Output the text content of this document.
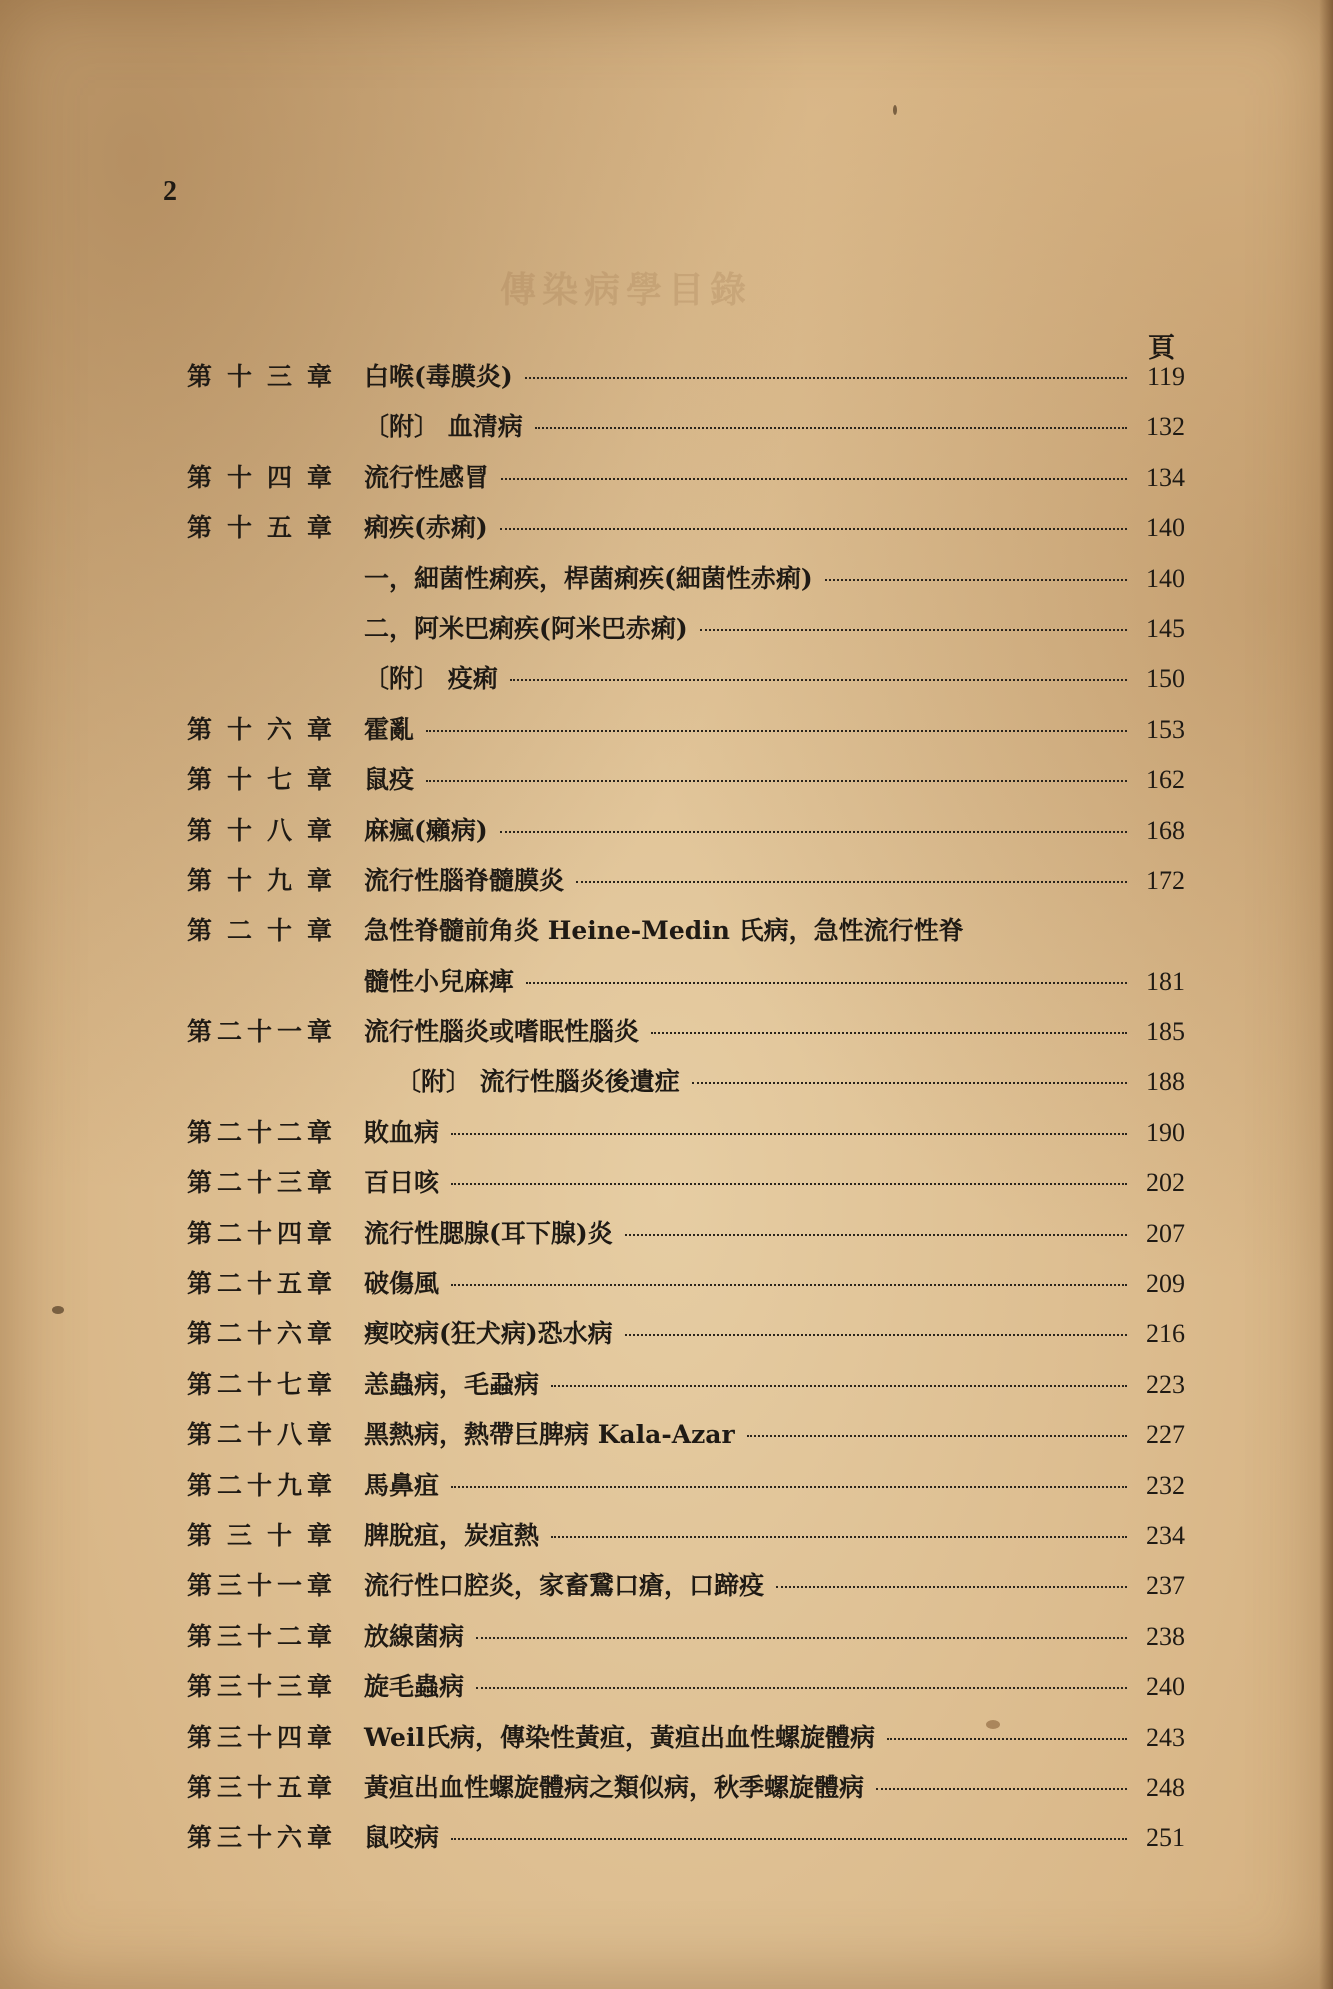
2
傳染病學目錄
頁
第十三章 白喉(毒膜炎)	119
〔附〕 血清病	132
第十四章 流行性感冒	134
第十五章 痢疾(赤痢)	140
一，細菌性痢疾，桿菌痢疾(細菌性赤痢)	140
二，阿米巴痢疾(阿米巴赤痢)	145
〔附〕 疫痢	150
第十六章 霍亂	153
第十七章 鼠疫	162
第十八章 麻瘋(癩病)	168
第十九章 流行性腦脊髓膜炎	172
第二十章 急性脊髓前角炎 Heine-Medin 氏病，急性流行性脊
髓性小兒麻痺	181
第二十一章 流行性腦炎或嗜眠性腦炎	185
〔附〕 流行性腦炎後遺症	188
第二十二章 敗血病	190
第二十三章 百日咳	202
第二十四章 流行性腮腺(耳下腺)炎	207
第二十五章 破傷風	209
第二十六章 瘈咬病(狂犬病)恐水病	216
第二十七章 恙蟲病，毛蝨病	223
第二十八章 黑熱病，熱帶巨脾病 Kala-Azar	227
第二十九章 馬鼻疽	232
第三十章 脾脫疽，炭疽熱	234
第三十一章 流行性口腔炎，家畜鵞口瘡，口蹄疫	237
第三十二章 放線菌病	238
第三十三章 旋毛蟲病	240
第三十四章 Weil氏病，傳染性黃疸，黃疸出血性螺旋體病	243
第三十五章 黃疸出血性螺旋體病之類似病，秋季螺旋體病	248
第三十六章 鼠咬病	251
